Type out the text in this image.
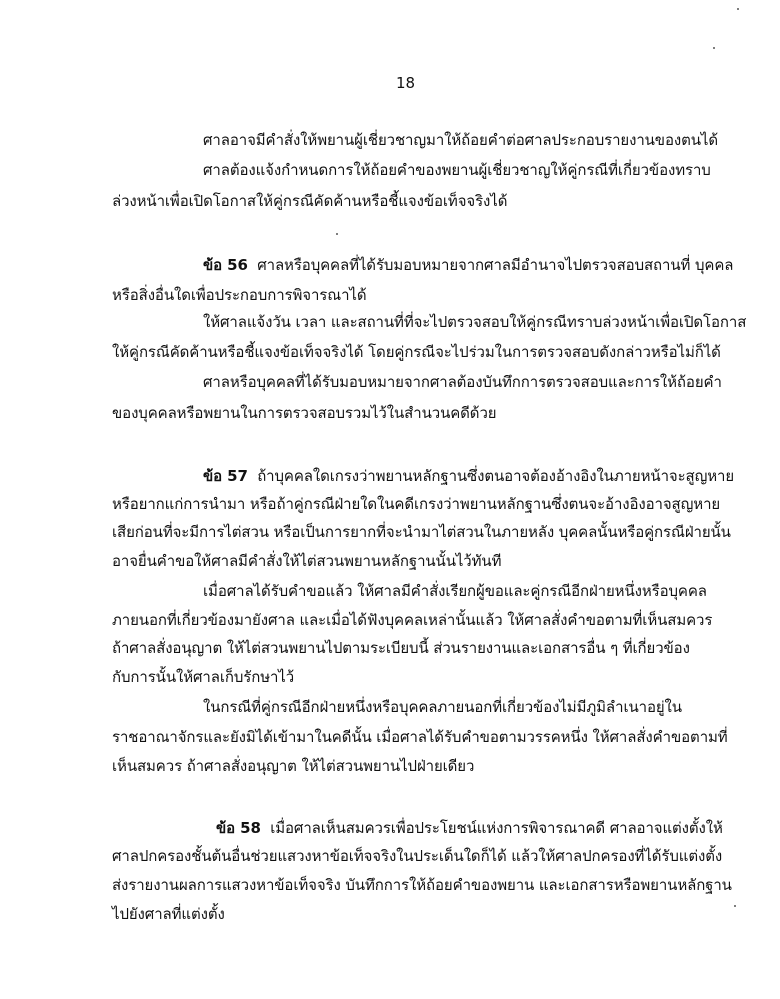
18
ศาลอาจมีคำสั่งให้พยานผู้เชี่ยวชาญมาให้ถ้อยคำต่อศาลประกอบรายงานของตนได้
ศาลต้องแจ้งกำหนดการให้ถ้อยคำของพยานผู้เชี่ยวชาญให้คู่กรณีที่เกี่ยวข้องทราบ
ล่วงหน้าเพื่อเปิดโอกาสให้คู่กรณีคัดค้านหรือชี้แจงข้อเท็จจริงได้
ข้อ 56 ศาลหรือบุคคลที่ได้รับมอบหมายจากศาลมีอำนาจไปตรวจสอบสถานที่ บุคคล
หรือสิ่งอื่นใดเพื่อประกอบการพิจารณาได้
ให้ศาลแจ้งวัน เวลา และสถานที่ที่จะไปตรวจสอบให้คู่กรณีทราบล่วงหน้าเพื่อเปิดโอกาส
ให้คู่กรณีคัดค้านหรือชี้แจงข้อเท็จจริงได้ โดยคู่กรณีจะไปร่วมในการตรวจสอบดังกล่าวหรือไม่ก็ได้
ศาลหรือบุคคลที่ได้รับมอบหมายจากศาลต้องบันทึกการตรวจสอบและการให้ถ้อยคำ
ของบุคคลหรือพยานในการตรวจสอบรวมไว้ในสำนวนคดีด้วย
ข้อ 57 ถ้าบุคคลใดเกรงว่าพยานหลักฐานซึ่งตนอาจต้องอ้างอิงในภายหน้าจะสูญหาย
หรือยากแก่การนำมา หรือถ้าคู่กรณีฝ่ายใดในคดีเกรงว่าพยานหลักฐานซึ่งตนจะอ้างอิงอาจสูญหาย
เสียก่อนที่จะมีการไต่สวน หรือเป็นการยากที่จะนำมาไต่สวนในภายหลัง บุคคลนั้นหรือคู่กรณีฝ่ายนั้น
อาจยื่นคำขอให้ศาลมีคำสั่งให้ไต่สวนพยานหลักฐานนั้นไว้ทันที
เมื่อศาลได้รับคำขอแล้ว ให้ศาลมีคำสั่งเรียกผู้ขอและคู่กรณีอีกฝ่ายหนึ่งหรือบุคคล
ภายนอกที่เกี่ยวข้องมายังศาล และเมื่อได้ฟังบุคคลเหล่านั้นแล้ว ให้ศาลสั่งคำขอตามที่เห็นสมควร
ถ้าศาลสั่งอนุญาต ให้ไต่สวนพยานไปตามระเบียบนี้ ส่วนรายงานและเอกสารอื่น ๆ ที่เกี่ยวข้อง
กับการนั้นให้ศาลเก็บรักษาไว้
ในกรณีที่คู่กรณีอีกฝ่ายหนึ่งหรือบุคคลภายนอกที่เกี่ยวข้องไม่มีภูมิลำเนาอยู่ใน
ราชอาณาจักรและยังมิได้เข้ามาในคดีนั้น เมื่อศาลได้รับคำขอตามวรรคหนึ่ง ให้ศาลสั่งคำขอตามที่
เห็นสมควร ถ้าศาลสั่งอนุญาต ให้ไต่สวนพยานไปฝ่ายเดียว
ข้อ 58 เมื่อศาลเห็นสมควรเพื่อประโยชน์แห่งการพิจารณาคดี ศาลอาจแต่งตั้งให้
ศาลปกครองชั้นต้นอื่นช่วยแสวงหาข้อเท็จจริงในประเด็นใดก็ได้ แล้วให้ศาลปกครองที่ได้รับแต่งตั้ง
ส่งรายงานผลการแสวงหาข้อเท็จจริง บันทึกการให้ถ้อยคำของพยาน และเอกสารหรือพยานหลักฐาน
ไปยังศาลที่แต่งตั้ง
